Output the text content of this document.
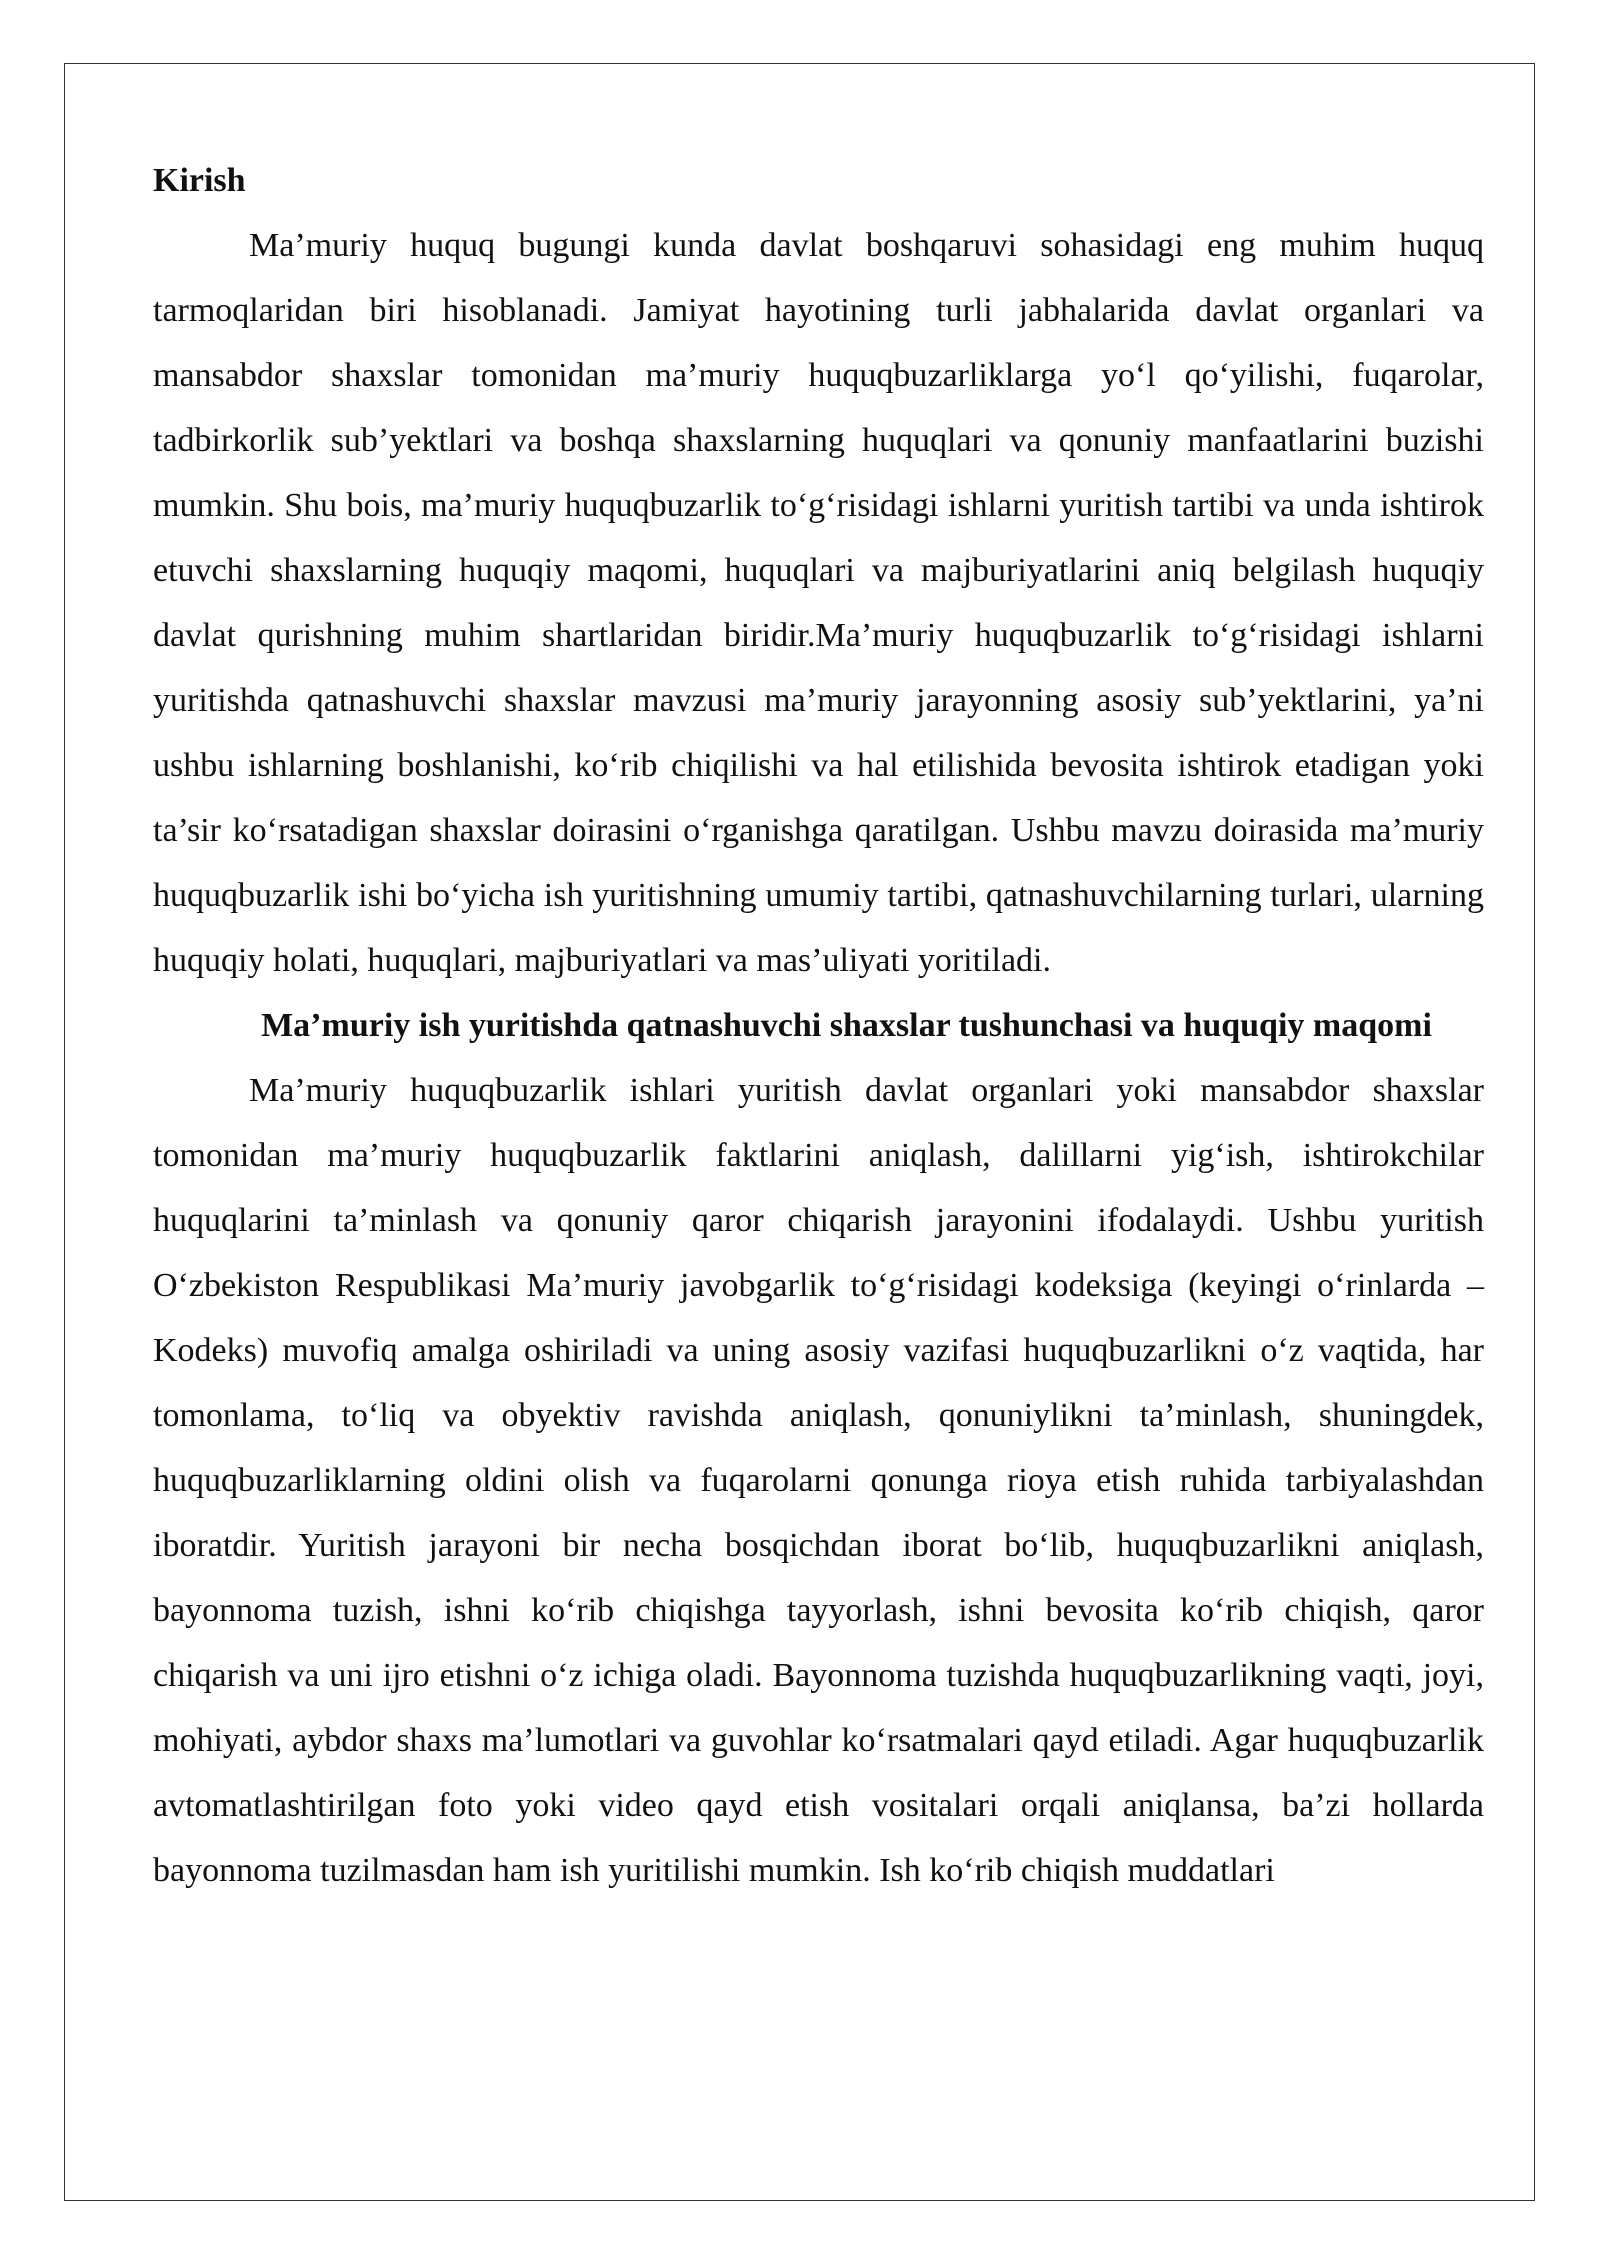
Kirish

Ma’muriy huquq bugungi kunda davlat boshqaruvi sohasidagi eng muhim huquq tarmoqlaridan biri hisoblanadi. Jamiyat hayotining turli jabhalarida davlat organlari va mansabdor shaxslar tomonidan ma’muriy huquqbuzarliklarga yo‘l qo‘yilishi, fuqarolar, tadbirkorlik sub’yektlari va boshqa shaxslarning huquqlari va qonuniy manfaatlarini buzishi mumkin. Shu bois, ma’muriy huquqbuzarlik to‘g‘risidagi ishlarni yuritish tartibi va unda ishtirok etuvchi shaxslarning huquqiy maqomi, huquqlari va majburiyatlarini aniq belgilash huquqiy davlat qurishning muhim shartlaridan biridir.Ma’muriy huquqbuzarlik to‘g‘risidagi ishlarni yuritishda qatnashuvchi shaxslar mavzusi ma’muriy jarayonning asosiy sub’yektlarini, ya’ni ushbu ishlarning boshlanishi, ko‘rib chiqilishi va hal etilishida bevosita ishtirok etadigan yoki ta’sir ko‘rsatadigan shaxslar doirasini o‘rganishga qaratilgan. Ushbu mavzu doirasida ma’muriy huquqbuzarlik ishi bo‘yicha ish yuritishning umumiy tartibi, qatnashuvchilarning turlari, ularning huquqiy holati, huquqlari, majburiyatlari va mas’uliyati yoritiladi.

Ma’muriy ish yuritishda qatnashuvchi shaxslar tushunchasi va huquqiy maqomi

Ma’muriy huquqbuzarlik ishlari yuritish davlat organlari yoki mansabdor shaxslar tomonidan ma’muriy huquqbuzarlik faktlarini aniqlash, dalillarni yig‘ish, ishtirokchilar huquqlarini ta’minlash va qonuniy qaror chiqarish jarayonini ifodalaydi. Ushbu yuritish O‘zbekiston Respublikasi Ma’muriy javobgarlik to‘g‘risidagi kodeksiga (keyingi o‘rinlarda – Kodeks) muvofiq amalga oshiriladi va uning asosiy vazifasi huquqbuzarlikni o‘z vaqtida, har tomonlama, to‘liq va obyektiv ravishda aniqlash, qonuniylikni ta’minlash, shuningdek, huquqbuzarliklarning oldini olish va fuqarolarni qonunga rioya etish ruhida tarbiyalashdan iboratdir. Yuritish jarayoni bir necha bosqichdan iborat bo‘lib, huquqbuzarlikni aniqlash, bayonnoma tuzish, ishni ko‘rib chiqishga tayyorlash, ishni bevosita ko‘rib chiqish, qaror chiqarish va uni ijro etishni o‘z ichiga oladi. Bayonnoma tuzishda huquqbuzarlikning vaqti, joyi, mohiyati, aybdor shaxs ma’lumotlari va guvohlar ko‘rsatmalari qayd etiladi. Agar huquqbuzarlik avtomatlashtirilgan foto yoki video qayd etish vositalari orqali aniqlansa, ba’zi hollarda bayonnoma tuzilmasdan ham ish yuritilishi mumkin. Ish ko‘rib chiqish muddatlari
